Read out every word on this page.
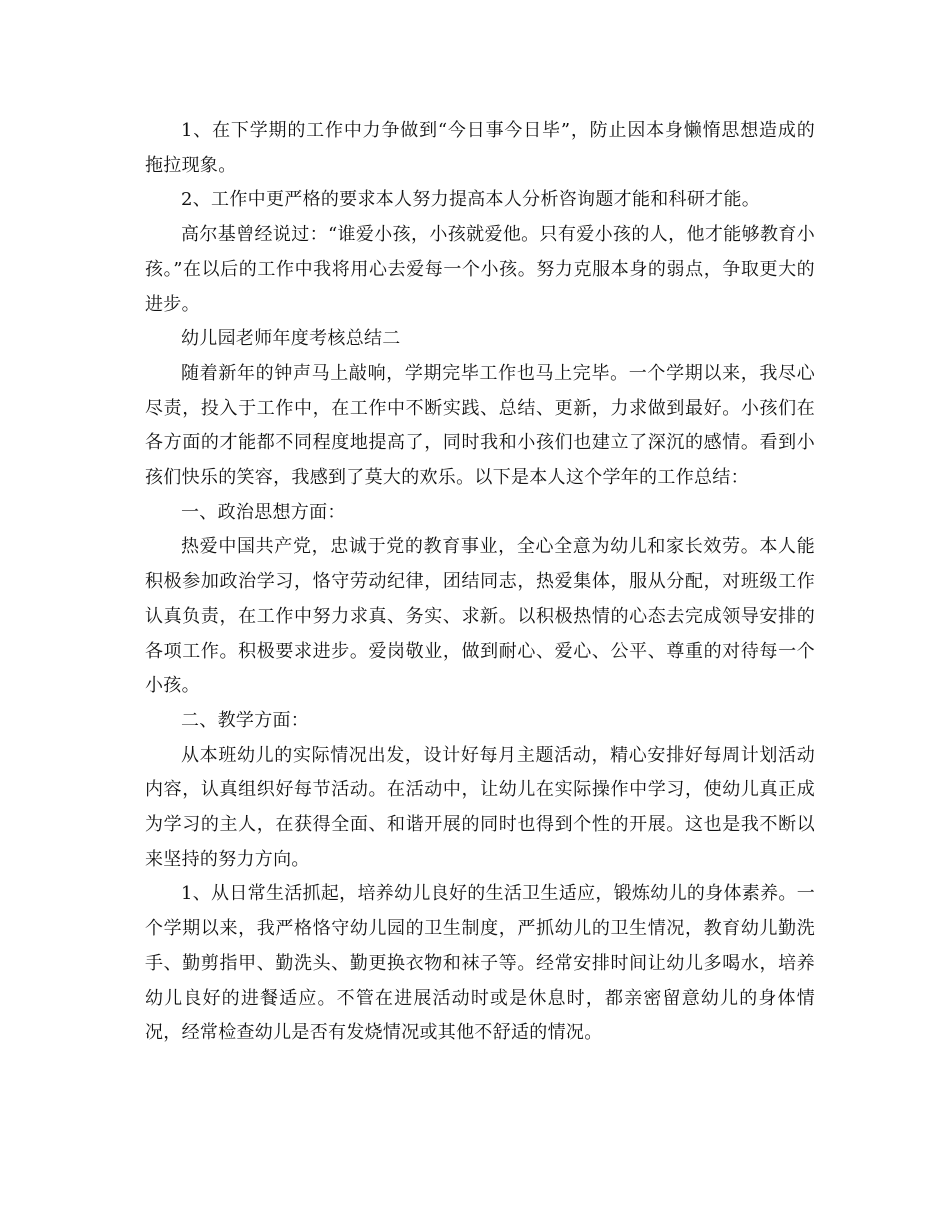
1、在下学期的工作中力争做到“今日事今日毕”，防止因本身懒惰思想造成的拖拉现象。

2、工作中更严格的要求本人努力提高本人分析咨询题才能和科研才能。

高尔基曾经说过：“谁爱小孩，小孩就爱他。只有爱小孩的人，他才能够教育小孩。”在以后的工作中我将用心去爱每一个小孩。努力克服本身的弱点，争取更大的进步。

幼儿园老师年度考核总结二

随着新年的钟声马上敲响，学期完毕工作也马上完毕。一个学期以来，我尽心尽责，投入于工作中，在工作中不断实践、总结、更新，力求做到最好。小孩们在各方面的才能都不同程度地提高了，同时我和小孩们也建立了深沉的感情。看到小孩们快乐的笑容，我感到了莫大的欢乐。以下是本人这个学年的工作总结：

一、政治思想方面：

热爱中国共产党，忠诚于党的教育事业，全心全意为幼儿和家长效劳。本人能积极参加政治学习，恪守劳动纪律，团结同志，热爱集体，服从分配，对班级工作认真负责，在工作中努力求真、务实、求新。以积极热情的心态去完成领导安排的各项工作。积极要求进步。爱岗敬业，做到耐心、爱心、公平、尊重的对待每一个小孩。

二、教学方面：

从本班幼儿的实际情况出发，设计好每月主题活动，精心安排好每周计划活动内容，认真组织好每节活动。在活动中，让幼儿在实际操作中学习，使幼儿真正成为学习的主人，在获得全面、和谐开展的同时也得到个性的开展。这也是我不断以来坚持的努力方向。

1、从日常生活抓起，培养幼儿良好的生活卫生适应，锻炼幼儿的身体素养。一个学期以来，我严格恪守幼儿园的卫生制度，严抓幼儿的卫生情况，教育幼儿勤洗手、勤剪指甲、勤洗头、勤更换衣物和袜子等。经常安排时间让幼儿多喝水，培养幼儿良好的进餐适应。不管在进展活动时或是休息时，都亲密留意幼儿的身体情况，经常检查幼儿是否有发烧情况或其他不舒适的情况。
